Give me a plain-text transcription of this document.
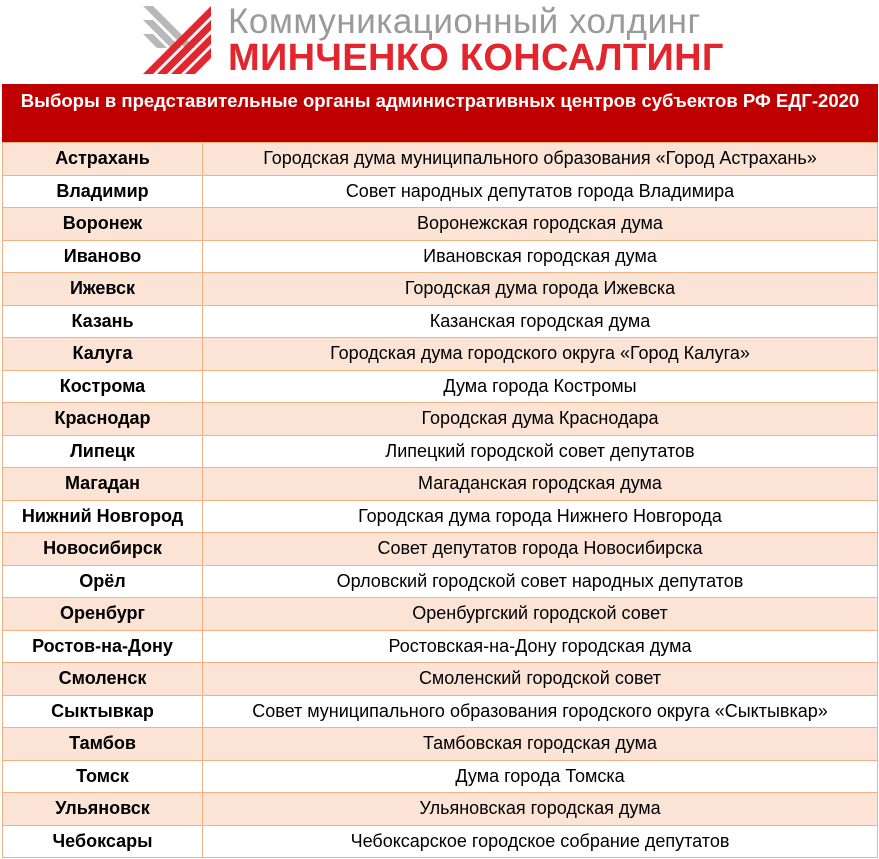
Коммуникационный холдинг
МИНЧЕНКО КОНСАЛТИНГ
Выборы в представительные органы административных центров субъектов РФ ЕДГ-2020
Астрахань	Городская дума муниципального образования «Город Астрахань»
Владимир	Совет народных депутатов города Владимира
Воронеж	Воронежская городская дума
Иваново	Ивановская городская дума
Ижевск	Городская дума города Ижевска
Казань	Казанская городская дума
Калуга	Городская дума городского округа «Город Калуга»
Кострома	Дума города Костромы
Краснодар	Городская дума Краснодара
Липецк	Липецкий городской совет депутатов
Магадан	Магаданская городская дума
Нижний Новгород	Городская дума города Нижнего Новгорода
Новосибирск	Совет депутатов города Новосибирска
Орёл	Орловский городской совет народных депутатов
Оренбург	Оренбургский городской совет
Ростов-на-Дону	Ростовская-на-Дону городская дума
Смоленск	Смоленский городской совет
Сыктывкар	Совет муниципального образования городского округа «Сыктывкар»
Тамбов	Тамбовская городская дума
Томск	Дума города Томска
Ульяновск	Ульяновская городская дума
Чебоксары	Чебоксарское городское собрание депутатов
